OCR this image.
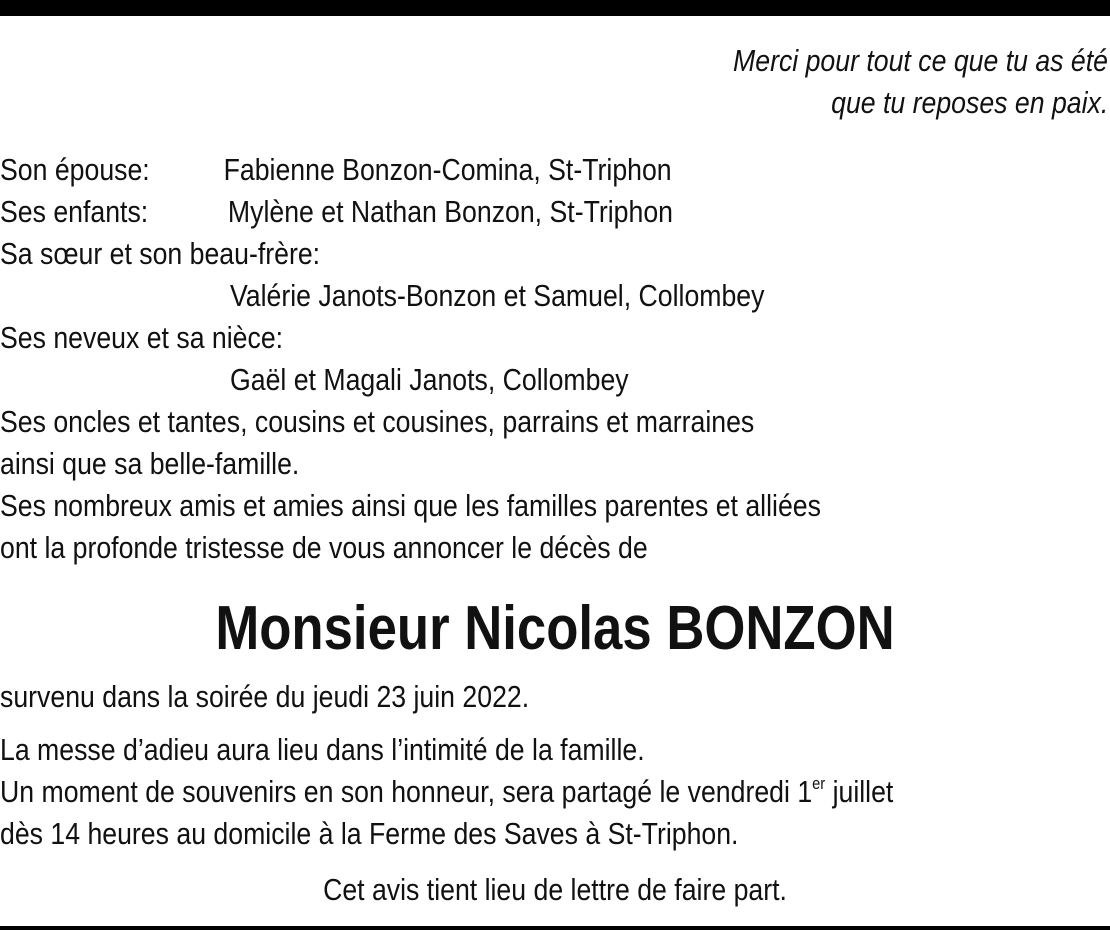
Merci pour tout ce que tu as été

que tu reposes en paix.

Son épouse: Fabienne Bonzon-Comina, St-Triphon

Ses enfants:	Mylène et Nathan Bonzon, St-Triphon

Sa sœur et son beau-frère:

Valérie Janots-Bonzon et Samuel, Collombey

Ses neveux et sa nièce:

Gaël et Magali Janots, Collombey

Ses oncles et tantes, cousins et cousines, parrains et marraines

ainsi que sa belle-famille.

Ses nombreux amis et amies ainsi que les familles parentes et alliées

ont la profonde tristesse de vous annoncer le décès de

Monsieur Nicolas BONZON

survenu dans la soirée du jeudi 23 juin 2022.

La messe d’adieu aura lieu dans l’intimité de la famille.

Un moment de souvenirs en son honneur, sera partagé le vendredi 1er juillet

dès 14 heures au domicile à la Ferme des Saves à St-Triphon.

Cet avis tient lieu de lettre de faire part.
